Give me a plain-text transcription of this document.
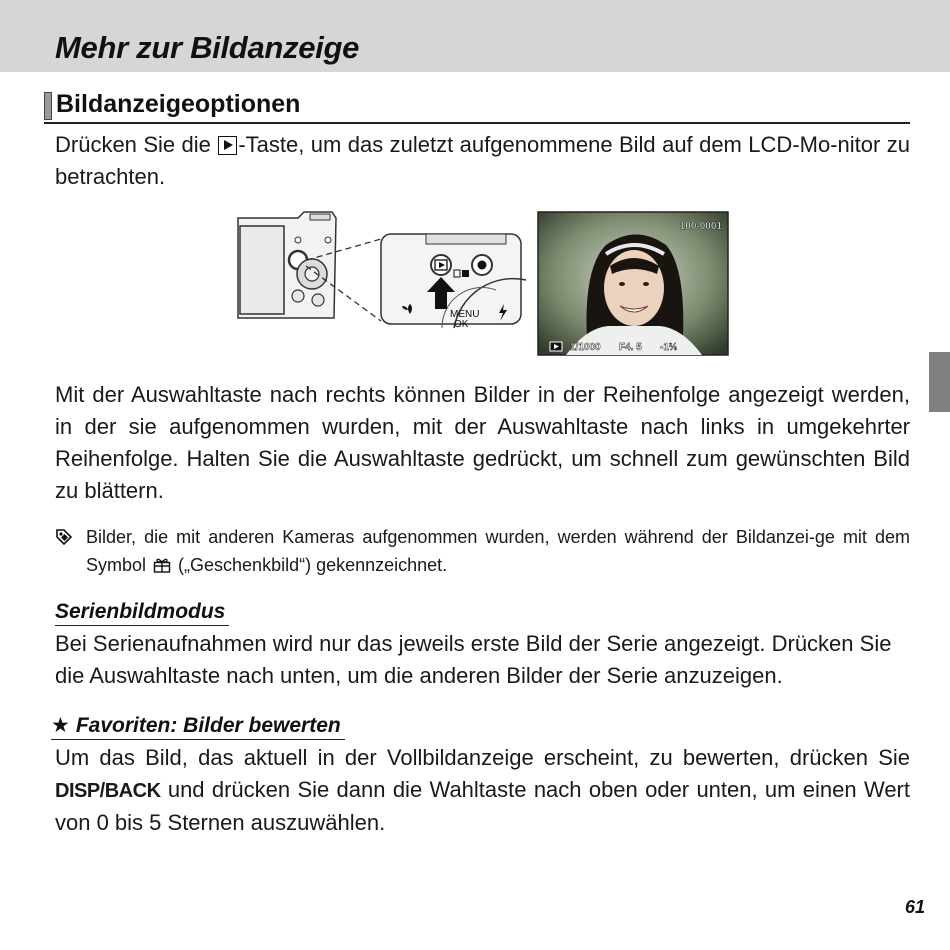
Mehr zur Bildanzeige
Bildanzeigeoptionen

Drücken Sie die -Taste, um das zuletzt aufgenommene Bild auf dem LCD-Mo-nitor zu betrachten.

MENU
OK
100-0001
1/1000 F4. 5 -1⅔

Mit der Auswahltaste nach rechts können Bilder in der Reihenfolge angezeigt werden, in der sie aufgenommen wurden, mit der Auswahltaste nach links in umgekehrter Reihenfolge. Halten Sie die Auswahltaste gedrückt, um schnell zum gewünschten Bild zu blättern.

Bilder, die mit anderen Kameras aufgenommen wurden, werden während der Bildanzei-ge mit dem Symbol  („Geschenkbild“) gekennzeichnet.
Serienbildmodus

Bei Serienaufnahmen wird nur das jeweils erste Bild der Serie angezeigt. Drücken Sie die Auswahltaste nach unten, um die anderen Bilder der Serie anzuzeigen.

★ Favoriten: Bilder bewerten

Um das Bild, das aktuell in der Vollbildanzeige erscheint, zu bewerten, drücken Sie DISP/BACK und drücken Sie dann die Wahltaste nach oben oder unten, um einen Wert von 0 bis 5 Sternen auszuwählen.

61
